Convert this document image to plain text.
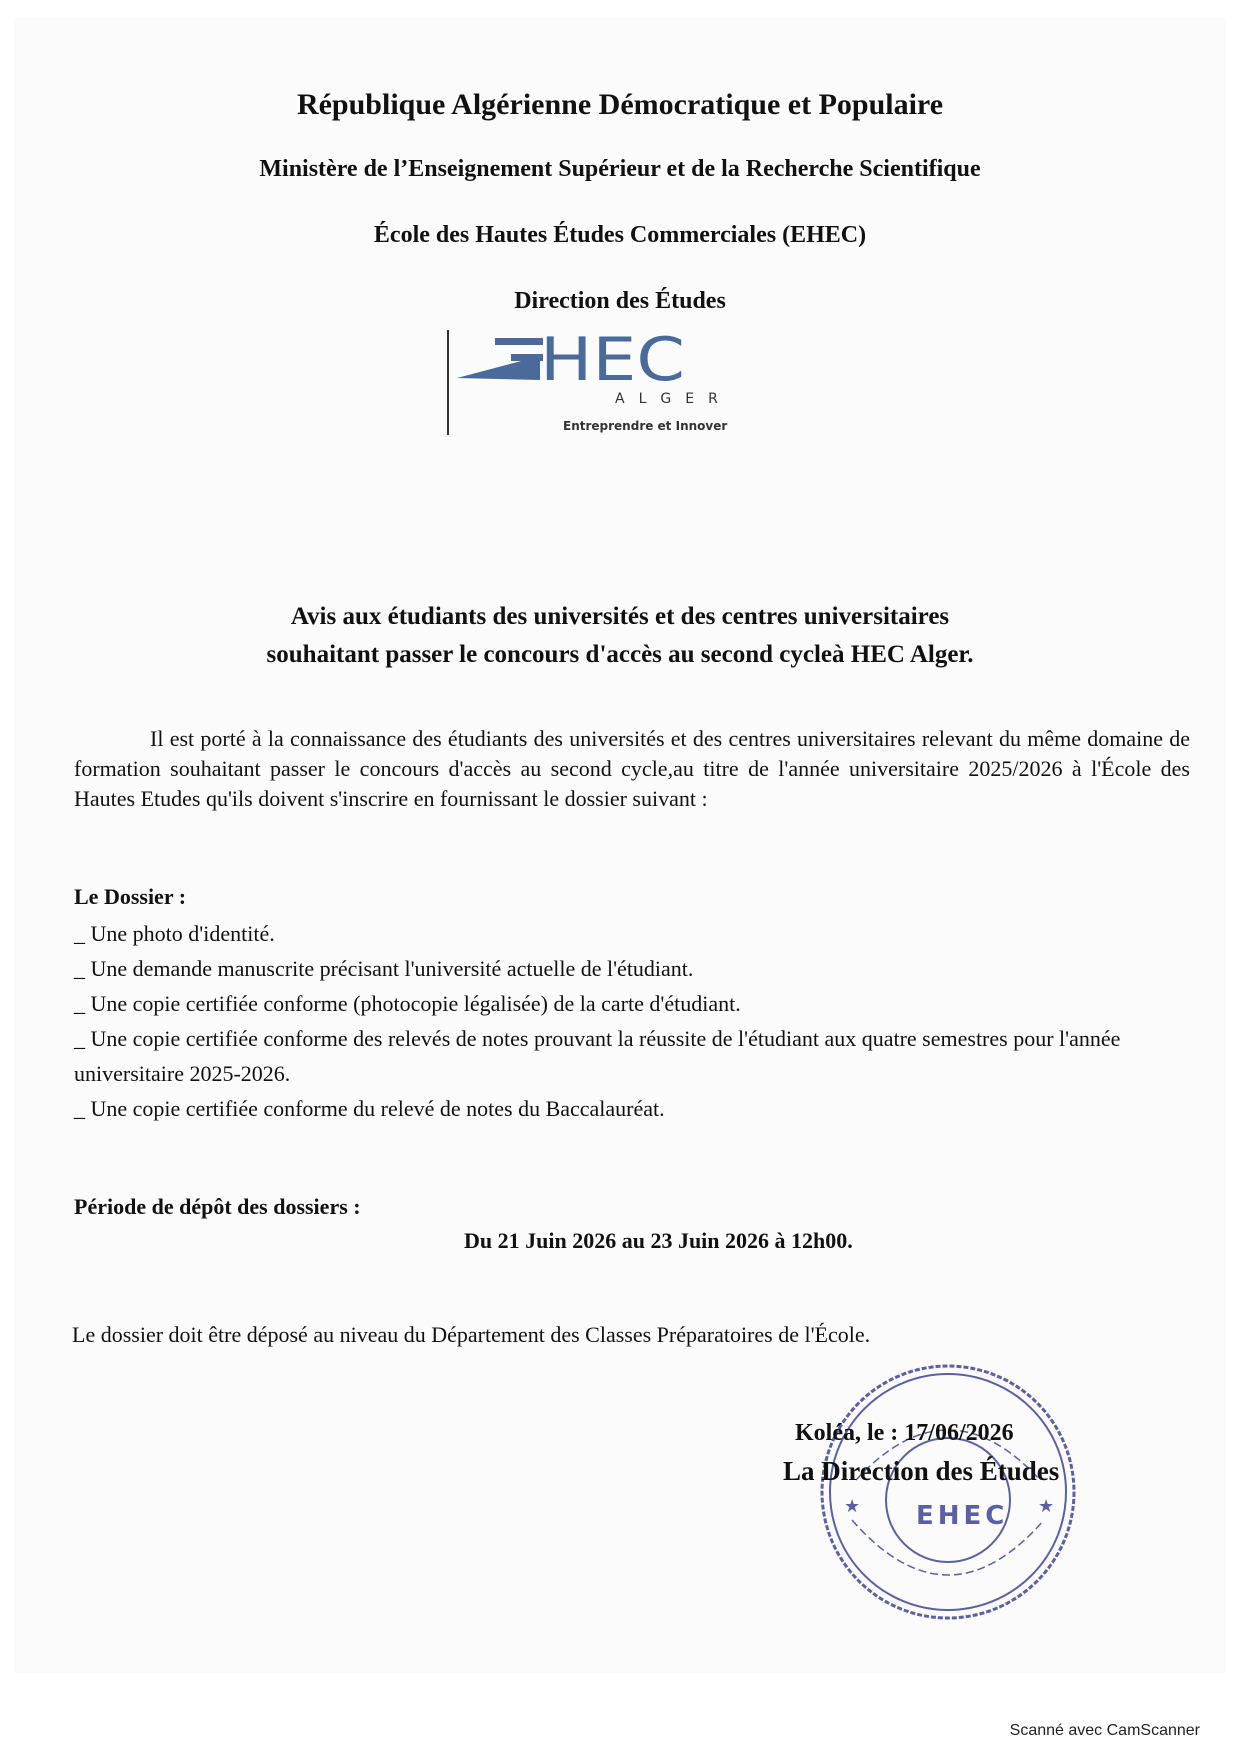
République Algérienne Démocratique et Populaire
Ministère de l’Enseignement Supérieur et de la Recherche Scientifique
École des Hautes Études Commerciales (EHEC)
Direction des Études
HEC
ALGER
Entreprendre et Innover
Avis aux étudiants des universités et des centres universitaires
souhaitant passer le concours d'accès au second cycleà HEC Alger.
Il est porté à la connaissance des étudiants des universités et des centres universitaires relevant du même domaine de formation souhaitant passer le concours d'accès au second cycle,au titre de l'année universitaire 2025/2026 à l'École des Hautes Etudes qu'ils doivent s'inscrire en fournissant le dossier suivant :
Le Dossier :
_ Une photo d'identité.
_ Une demande manuscrite précisant l'université actuelle de l'étudiant.
_ Une copie certifiée conforme (photocopie légalisée) de la carte d'étudiant.
_ Une copie certifiée conforme des relevés de notes prouvant la réussite de l'étudiant aux quatre semestres pour l'année universitaire 2025-2026.
_ Une copie certifiée conforme du relevé de notes du Baccalauréat.
Période de dépôt des dossiers :
Du 21 Juin 2026 au 23 Juin 2026 à 12h00.
Le dossier doit être déposé au niveau du Département des Classes Préparatoires de l'École.
★	★
EHEC
Koléa, le : 17/06/2026
La Direction des Études
Scanné avec CamScanner
